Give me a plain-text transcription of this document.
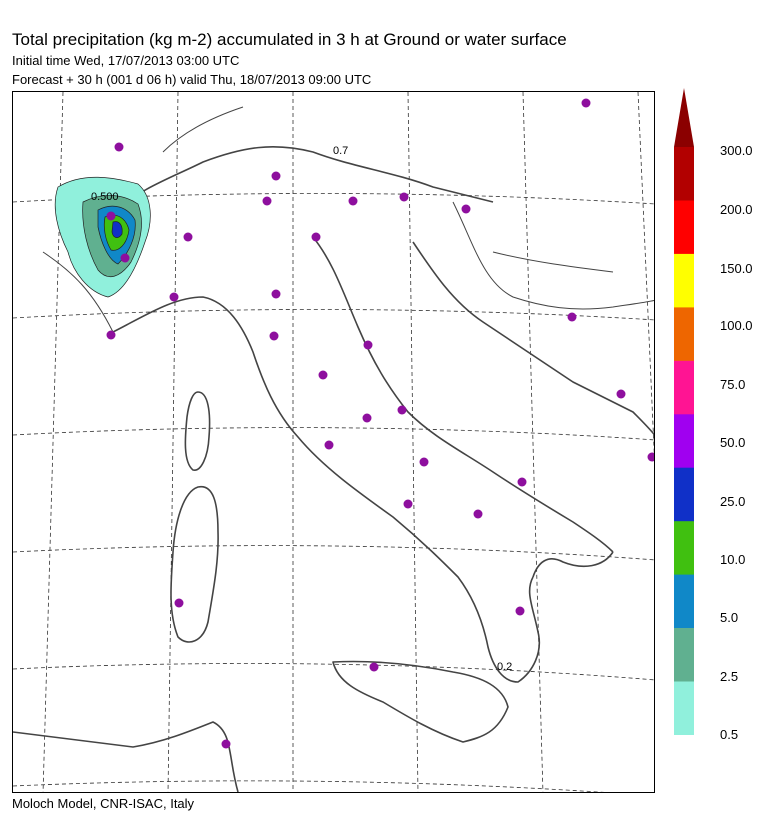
Total precipitation (kg m-2) accumulated in 3 h at Ground or water surface
Initial time Wed, 17/07/2013 03:00 UTC
Forecast + 30 h (001 d 06 h) valid Thu, 18/07/2013 09:00 UTC
0.500
0.7
0.2
300.0
200.0
150.0
100.0
75.0
50.0
25.0
10.0
5.0
2.5
0.5
Moloch Model, CNR-ISAC, Italy
